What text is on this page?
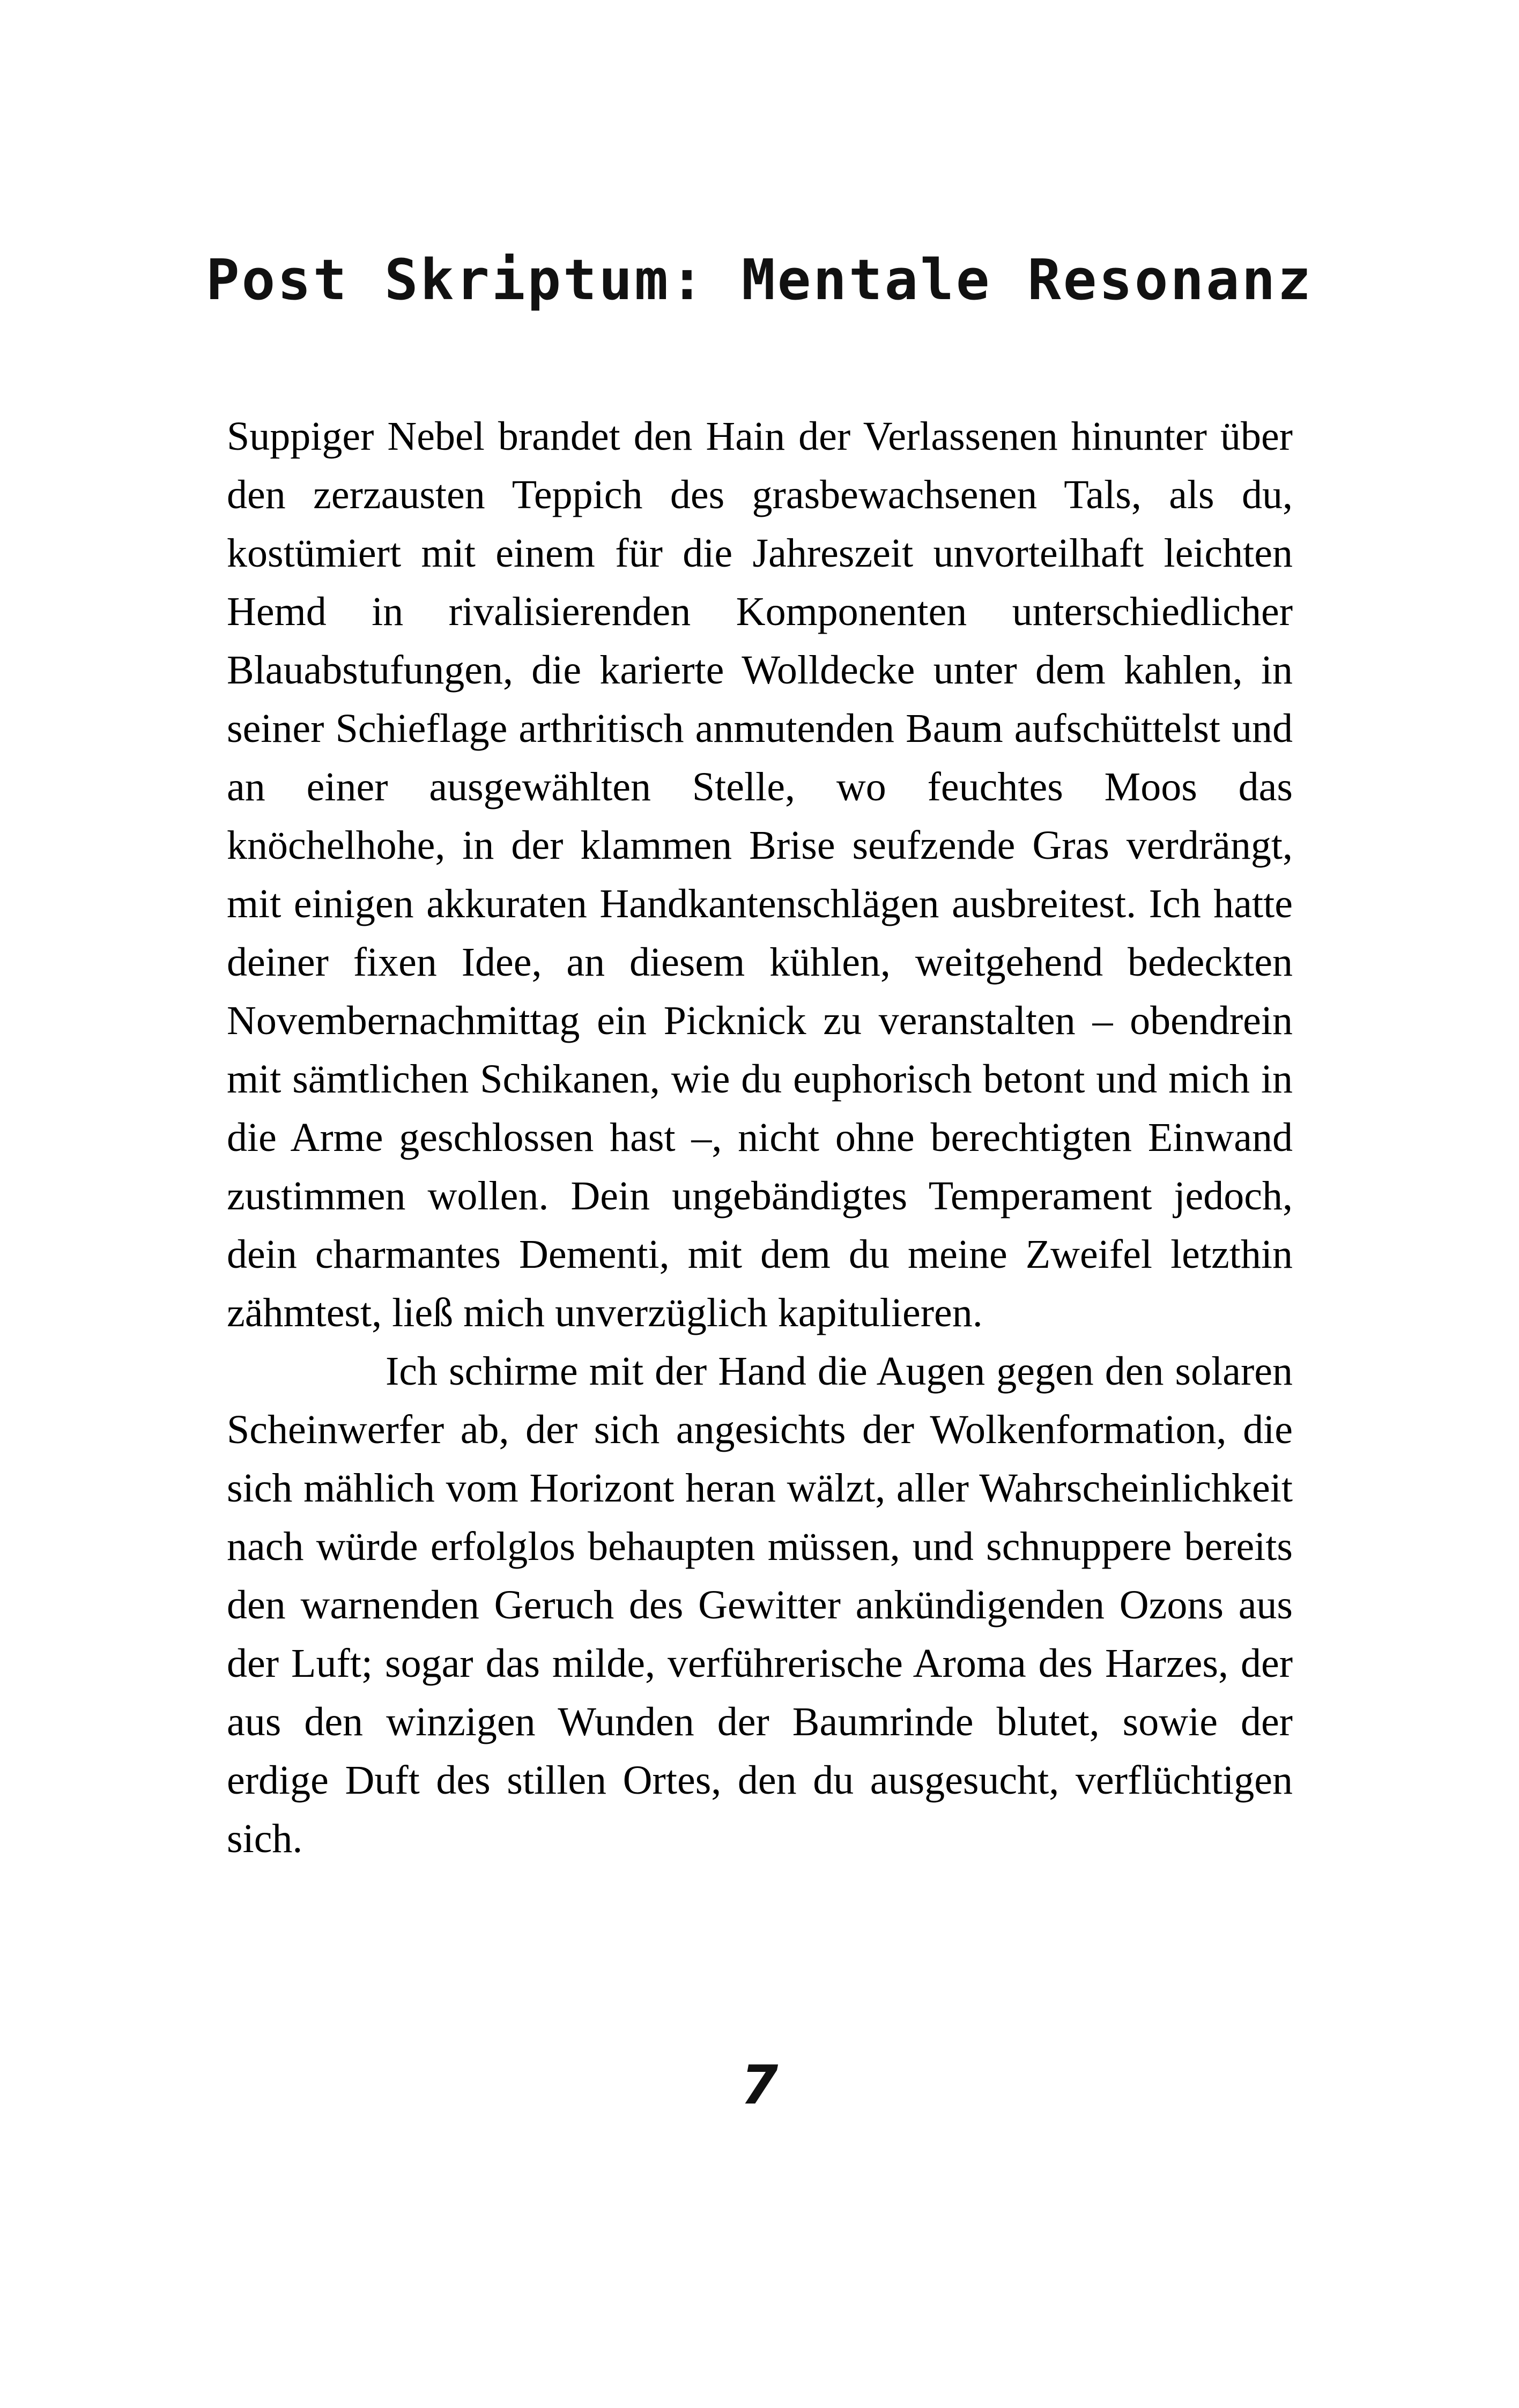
Post Skriptum: Mentale Resonanz

Suppiger Nebel brandet den Hain der Verlassenen hinunter über den zerzausten Teppich des grasbewachsenen Tals, als du, kostümiert mit einem für die Jahreszeit unvorteilhaft leichten Hemd in rivalisierenden Komponenten unterschiedlicher Blauabstufungen, die karierte Wolldecke unter dem kahlen, in seiner Schieflage arthritisch anmutenden Baum aufschüttelst und an einer ausgewählten Stelle, wo feuchtes Moos das knöchelhohe, in der klammen Brise seufzende Gras verdrängt, mit einigen akkuraten Handkantenschlägen ausbreitest. Ich hatte deiner fixen Idee, an diesem kühlen, weitgehend bedeckten Novembernachmittag ein Picknick zu veranstalten – obendrein mit sämtlichen Schikanen, wie du euphorisch betont und mich in die Arme geschlossen hast –, nicht ohne berechtigten Einwand zustimmen wollen. Dein ungebändigtes Temperament jedoch, dein charmantes Dementi, mit dem du meine Zweifel letzthin zähmtest, ließ mich unverzüglich kapitulieren.

Ich schirme mit der Hand die Augen gegen den solaren Scheinwerfer ab, der sich angesichts der Wolkenformation, die sich mählich vom Horizont heran wälzt, aller Wahrscheinlichkeit nach würde erfolglos behaupten müssen, und schnuppere bereits den warnenden Geruch des Gewitter ankündigenden Ozons aus der Luft; sogar das milde, verführerische Aroma des Harzes, der aus den winzigen Wunden der Baumrinde blutet, sowie der erdige Duft des stillen Ortes, den du ausgesucht, verflüchtigen sich.

7
